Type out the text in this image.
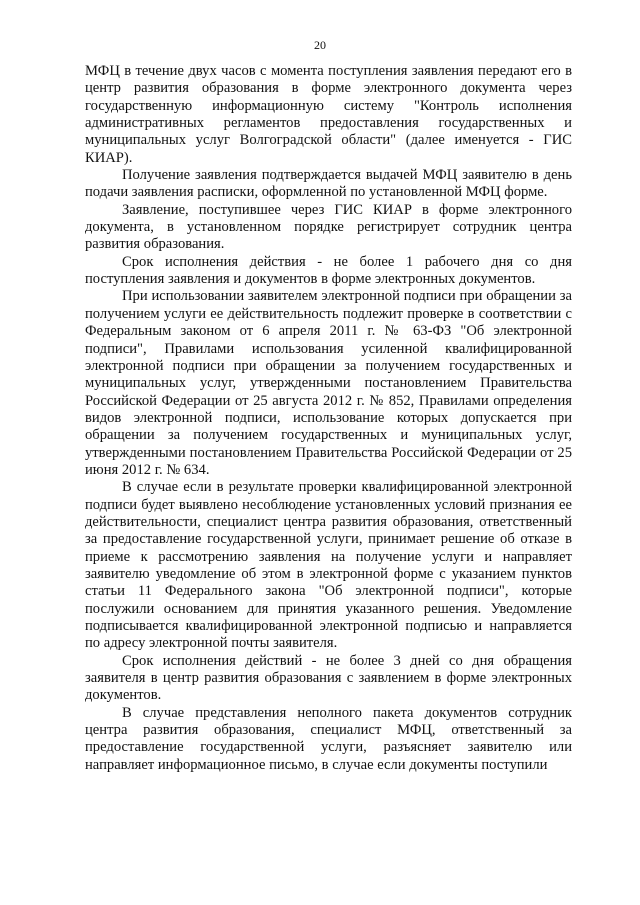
20

МФЦ в течение двух часов с момента поступления заявления передают его в центр развития образования в форме электронного документа через государственную информационную систему "Контроль исполнения административных регламентов предоставления государственных и муниципальных услуг Волгоградской области" (далее именуется - ГИС КИАР).

Получение заявления подтверждается выдачей МФЦ заявителю в день подачи заявления расписки, оформленной по установленной МФЦ форме.

Заявление, поступившее через ГИС КИАР в форме электронного документа, в установленном порядке регистрирует сотрудник центра развития образования.

Срок исполнения действия - не более 1 рабочего дня со дня поступления заявления и документов в форме электронных документов.

При использовании заявителем электронной подписи при обращении за получением услуги ее действительность подлежит проверке в соответствии с Федеральным законом от 6 апреля 2011 г. № 63-ФЗ "Об электронной подписи", Правилами использования усиленной квалифицированной электронной подписи при обращении за получением государственных и муниципальных услуг, утвержденными постановлением Правительства Российской Федерации от 25 августа 2012 г. № 852, Правилами определения видов электронной подписи, использование которых допускается при обращении за получением государственных и муниципальных услуг, утвержденными постановлением Правительства Российской Федерации от 25 июня 2012 г. № 634.

В случае если в результате проверки квалифицированной электронной подписи будет выявлено несоблюдение установленных условий признания ее действительности, специалист центра развития образования, ответственный за предоставление государственной услуги, принимает решение об отказе в приеме к рассмотрению заявления на получение услуги и направляет заявителю уведомление об этом в электронной форме с указанием пунктов статьи 11 Федерального закона "Об электронной подписи", которые послужили основанием для принятия указанного решения. Уведомление подписывается квалифицированной электронной подписью и направляется по адресу электронной почты заявителя.

Срок исполнения действий - не более 3 дней со дня обращения заявителя в центр развития образования с заявлением в форме электронных документов.

В случае представления неполного пакета документов сотрудник центра развития образования, специалист МФЦ, ответственный за предоставление государственной услуги, разъясняет заявителю или направляет информационное письмо, в случае если документы поступили
